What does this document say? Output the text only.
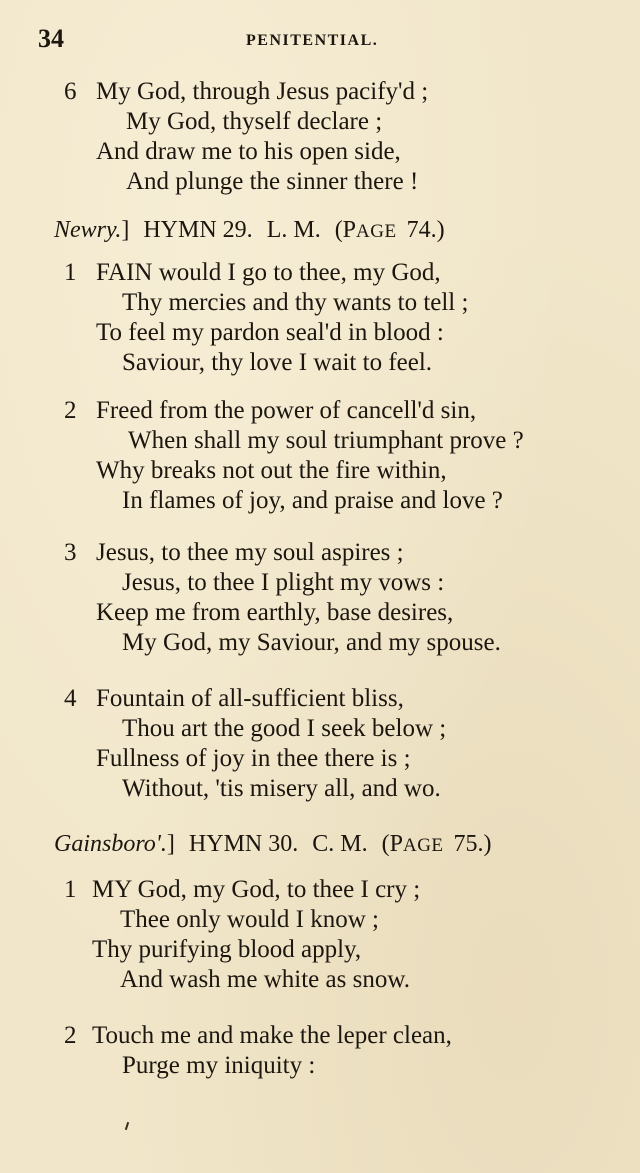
34	PENITENTIAL.
6 My God, through Jesus pacify'd ;
My God, thyself declare ;
And draw me to his open side,
And plunge the sinner there !
Newry.] HYMN 29. L. M. (PAGE 74.)
1 FAIN would I go to thee, my God,
Thy mercies and thy wants to tell ;
To feel my pardon seal'd in blood :
Saviour, thy love I wait to feel.
2 Freed from the power of cancell'd sin,
When shall my soul triumphant prove ?
Why breaks not out the fire within,
In flames of joy, and praise and love ?
3 Jesus, to thee my soul aspires ;
Jesus, to thee I plight my vows :
Keep me from earthly, base desires,
My God, my Saviour, and my spouse.
4 Fountain of all-sufficient bliss,
Thou art the good I seek below ;
Fullness of joy in thee there is ;
Without, 'tis misery all, and wo.
Gainsboro'.] HYMN 30. C. M. (PAGE 75.)
1 MY God, my God, to thee I cry ;
Thee only would I know ;
Thy purifying blood apply,
And wash me white as snow.
2 Touch me and make the leper clean,
Purge my iniquity :
